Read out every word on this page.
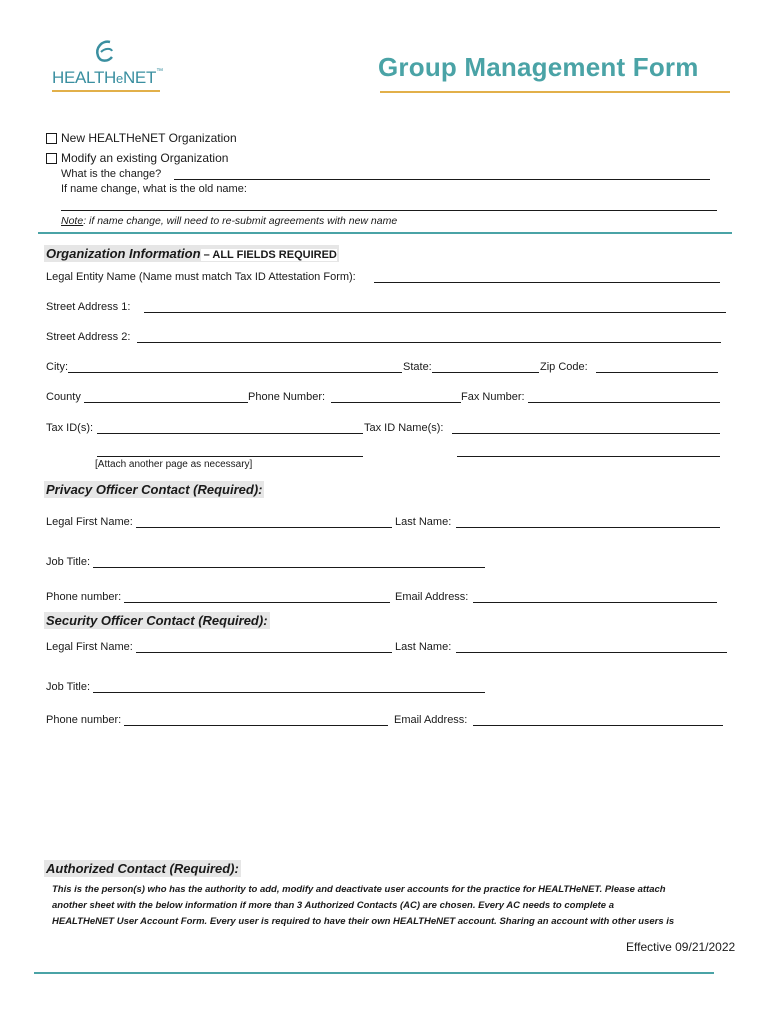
HEALTHeNET™	Group Management Form
New HEALTHeNET Organization
Modify an existing Organization
What is the change?
If name change, what is the old name:
Note: if name change, will need to re-submit agreements with new name
Organization Information – ALL FIELDS REQUIRED
Legal Entity Name (Name must match Tax ID Attestation Form):
Street Address 1:
Street Address 2:
City:	State:	Zip Code:
County	Phone Number:	Fax Number:
Tax ID(s):	Tax ID Name(s):
[Attach another page as necessary]
Privacy Officer Contact (Required):
Legal First Name:	Last Name:
Job Title:
Phone number:	Email Address:
Security Officer Contact (Required):
Legal First Name:	Last Name:
Job Title:
Phone number:	Email Address:
Authorized Contact (Required):
This is the person(s) who has the authority to add, modify and deactivate user accounts for the practice for HEALTHeNET. Please attach
another sheet with the below information if more than 3 Authorized Contacts (AC) are chosen. Every AC needs to complete a
HEALTHeNET User Account Form. Every user is required to have their own HEALTHeNET account. Sharing an account with other users is
Effective 09/21/2022
